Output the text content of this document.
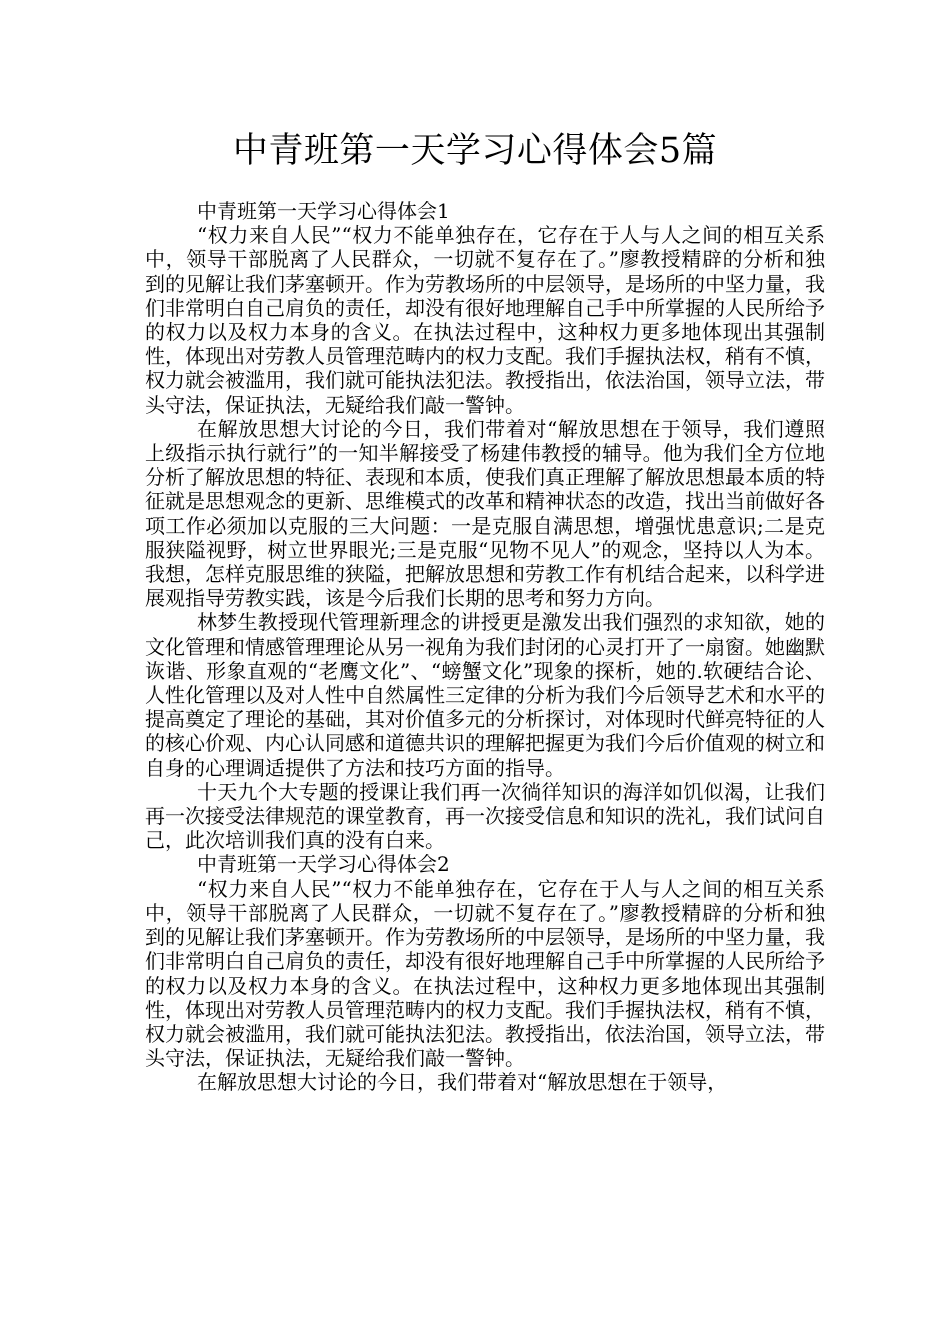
中青班第一天学习心得体会5篇

中青班第一天学习心得体会1

“权力来自人民”“权力不能单独存在，它存在于人与人之间的相互关系中，领导干部脱离了人民群众，一切就不复存在了。”廖教授精辟的分析和独到的见解让我们茅塞顿开。作为劳教场所的中层领导，是场所的中坚力量，我们非常明白自己肩负的责任，却没有很好地理解自己手中所掌握的人民所给予的权力以及权力本身的含义。在执法过程中，这种权力更多地体现出其强制性，体现出对劳教人员管理范畴内的权力支配。我们手握执法权，稍有不慎，权力就会被滥用，我们就可能执法犯法。教授指出，依法治国，领导立法，带头守法，保证执法，无疑给我们敲一警钟。

在解放思想大讨论的今日，我们带着对“解放思想在于领导，我们遵照上级指示执行就行”的一知半解接受了杨建伟教授的辅导。他为我们全方位地分析了解放思想的特征、表现和本质，使我们真正理解了解放思想最本质的特征就是思想观念的更新、思维模式的改革和精神状态的改造，找出当前做好各项工作必须加以克服的三大问题：一是克服自满思想，增强忧患意识;二是克服狭隘视野，树立世界眼光;三是克服“见物不见人”的观念，坚持以人为本。我想，怎样克服思维的狭隘，把解放思想和劳教工作有机结合起来，以科学进展观指导劳教实践，该是今后我们长期的思考和努力方向。

林梦生教授现代管理新理念的讲授更是激发出我们强烈的求知欲，她的文化管理和情感管理理论从另一视角为我们封闭的心灵打开了一扇窗。她幽默诙谐、形象直观的“老鹰文化”、“螃蟹文化”现象的探析，她的.软硬结合论、人性化管理以及对人性中自然属性三定律的分析为我们今后领导艺术和水平的提高奠定了理论的基础，其对价值多元的分析探讨，对体现时代鲜亮特征的人的核心价观、内心认同感和道德共识的理解把握更为我们今后价值观的树立和自身的心理调适提供了方法和技巧方面的指导。

十天九个大专题的授课让我们再一次徜徉知识的海洋如饥似渴，让我们再一次接受法律规范的课堂教育，再一次接受信息和知识的洗礼，我们试问自己，此次培训我们真的没有白来。

中青班第一天学习心得体会2

“权力来自人民”“权力不能单独存在，它存在于人与人之间的相互关系中，领导干部脱离了人民群众，一切就不复存在了。”廖教授精辟的分析和独到的见解让我们茅塞顿开。作为劳教场所的中层领导，是场所的中坚力量，我们非常明白自己肩负的责任，却没有很好地理解自己手中所掌握的人民所给予的权力以及权力本身的含义。在执法过程中，这种权力更多地体现出其强制性，体现出对劳教人员管理范畴内的权力支配。我们手握执法权，稍有不慎，权力就会被滥用，我们就可能执法犯法。教授指出，依法治国，领导立法，带头守法，保证执法，无疑给我们敲一警钟。

在解放思想大讨论的今日，我们带着对“解放思想在于领导，
